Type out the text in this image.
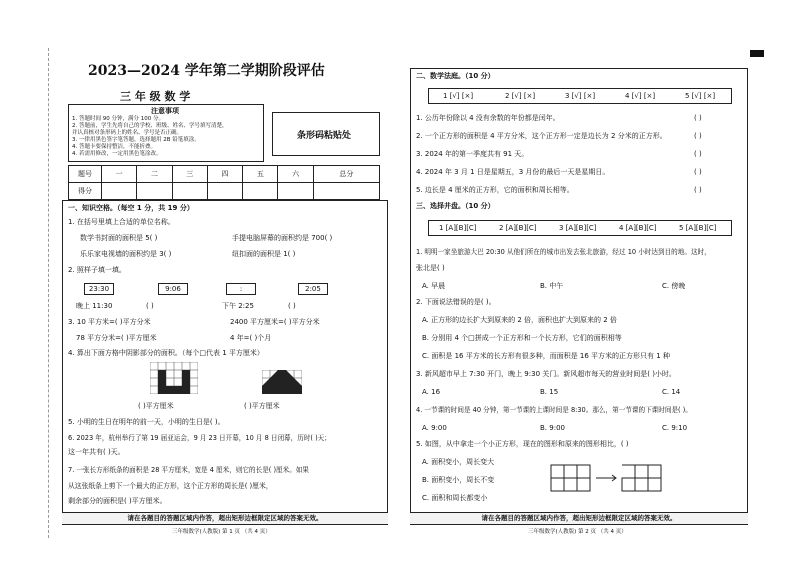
2023—2024 学年第二学期阶段评估
三 年 级 数 学
注意事项
1. 答题时间 90 分钟，满分 100 分。
2. 答题前，学生先将自己的学校、班级、姓名、学号填写清楚，
并认真核对条形码上的姓名、学号是否正确。
3. 一律用黑色签字笔答题，选择题用 2B 铅笔填涂。
4. 答题卡要保持整洁，不能折叠。
4. 若需用修改，一定用黑色笔涂改。
条形码粘贴处
题号	一	二	三	四	五	六	总分
得分							
一、知识空格。（每空 1 分，共 19 分）
1. 在括号里填上合适的单位名称。
数学书封面的面积是 5( )	手提电脑屏幕的面积约是 700( )
乐乐家电视墙的面积约是 3( )	纽扣面的面积是 1( )
2. 照样子填一填。
23:30	9:06	:	2:05
晚上 11:30	( )	下午 2:25	( )
3. 10 平方米=( )平方分米	2400 平方厘米=( )平方分米
78 平方分米=( )平方厘米	4 年=( )个月
4. 算出下面方格中阴影部分的面积。（每个□代表 1 平方厘米）
( )平方厘米	( )平方厘米
5. 小明的生日在明年的前一天，小明的生日是( )。
6. 2023 年，杭州举行了第 19 届亚运会，9 月 23 日开幕，10 月 8 日闭幕，历时( )天；
这一年共有( )天。
7. 一张长方形纸条的面积是 28 平方厘米，宽是 4 厘米，则它的长是( )厘米。如果
从这张纸条上剪下一个最大的正方形，这个正方形的周长是( )厘米，
剩余部分的面积是( )平方厘米。
请在各题目的答题区域内作答，超出矩形边框限定区域的答案无效。
三年级数学(人教版) 第 1 页 （共 4 页）
二、数学法庭。（10 分）
1 [√] [×]	2 [√] [×]	3 [√] [×]	4 [√] [×]	5 [√] [×]
1. 公历年份除以 4 没有余数的年份都是闰年。	( )
2. 一个正方形的面积是 4 平方分米，这个正方形一定是边长为 2 分米的正方形。	( )
3. 2024 年的第一季度共有 91 天。	( )
4. 2024 年 3 月 1 日是星期五，3 月份的最后一天是星期日。	( )
5. 边长是 4 厘米的正方形，它的面积和周长相等。	( )
三、选择井盘。（10 分）
1 [A][B][C]	2 [A][B][C]	3 [A][B][C]	4 [A][B][C]	5 [A][B][C]
1. 明明一家坐旅游大巴 20:30 从他们所在的城市出发去张北旅游，经过 10 小时达到目的地。这时，
张北是( )
A. 早晨	B. 中午	C. 傍晚
2. 下面说法错误的是( )。
A. 正方形的边长扩大到原来的 2 倍，面积也扩大到原来的 2 倍
B. 分别用 4 个□拼成一个正方形和一个长方形，它们的面积相等
C. 面积是 16 平方米的长方形有很多种，而面积是 16 平方米的正方形只有 1 种
3. 新风超市早上 7:30 开门，晚上 9:30 关门。新风超市每天的营业时间是( )小时。
A. 16	B. 15	C. 14
4. 一节课的时间是 40 分钟，第一节课的上课时间是 8:30。那么，第一节课的下课时间是( )。
A. 9:00	B. 9:00	C. 9:10
5. 如图，从中拿走一个小正方形，现在的图形和原来的图形相比，( )
A. 面积变小，周长变大
B. 面积变小，周长不变
C. 面积和周长都变小
请在各题目的答题区域内作答，超出矩形边框限定区域的答案无效。
三年级数学(人教版) 第 2 页 （共 4 页）
